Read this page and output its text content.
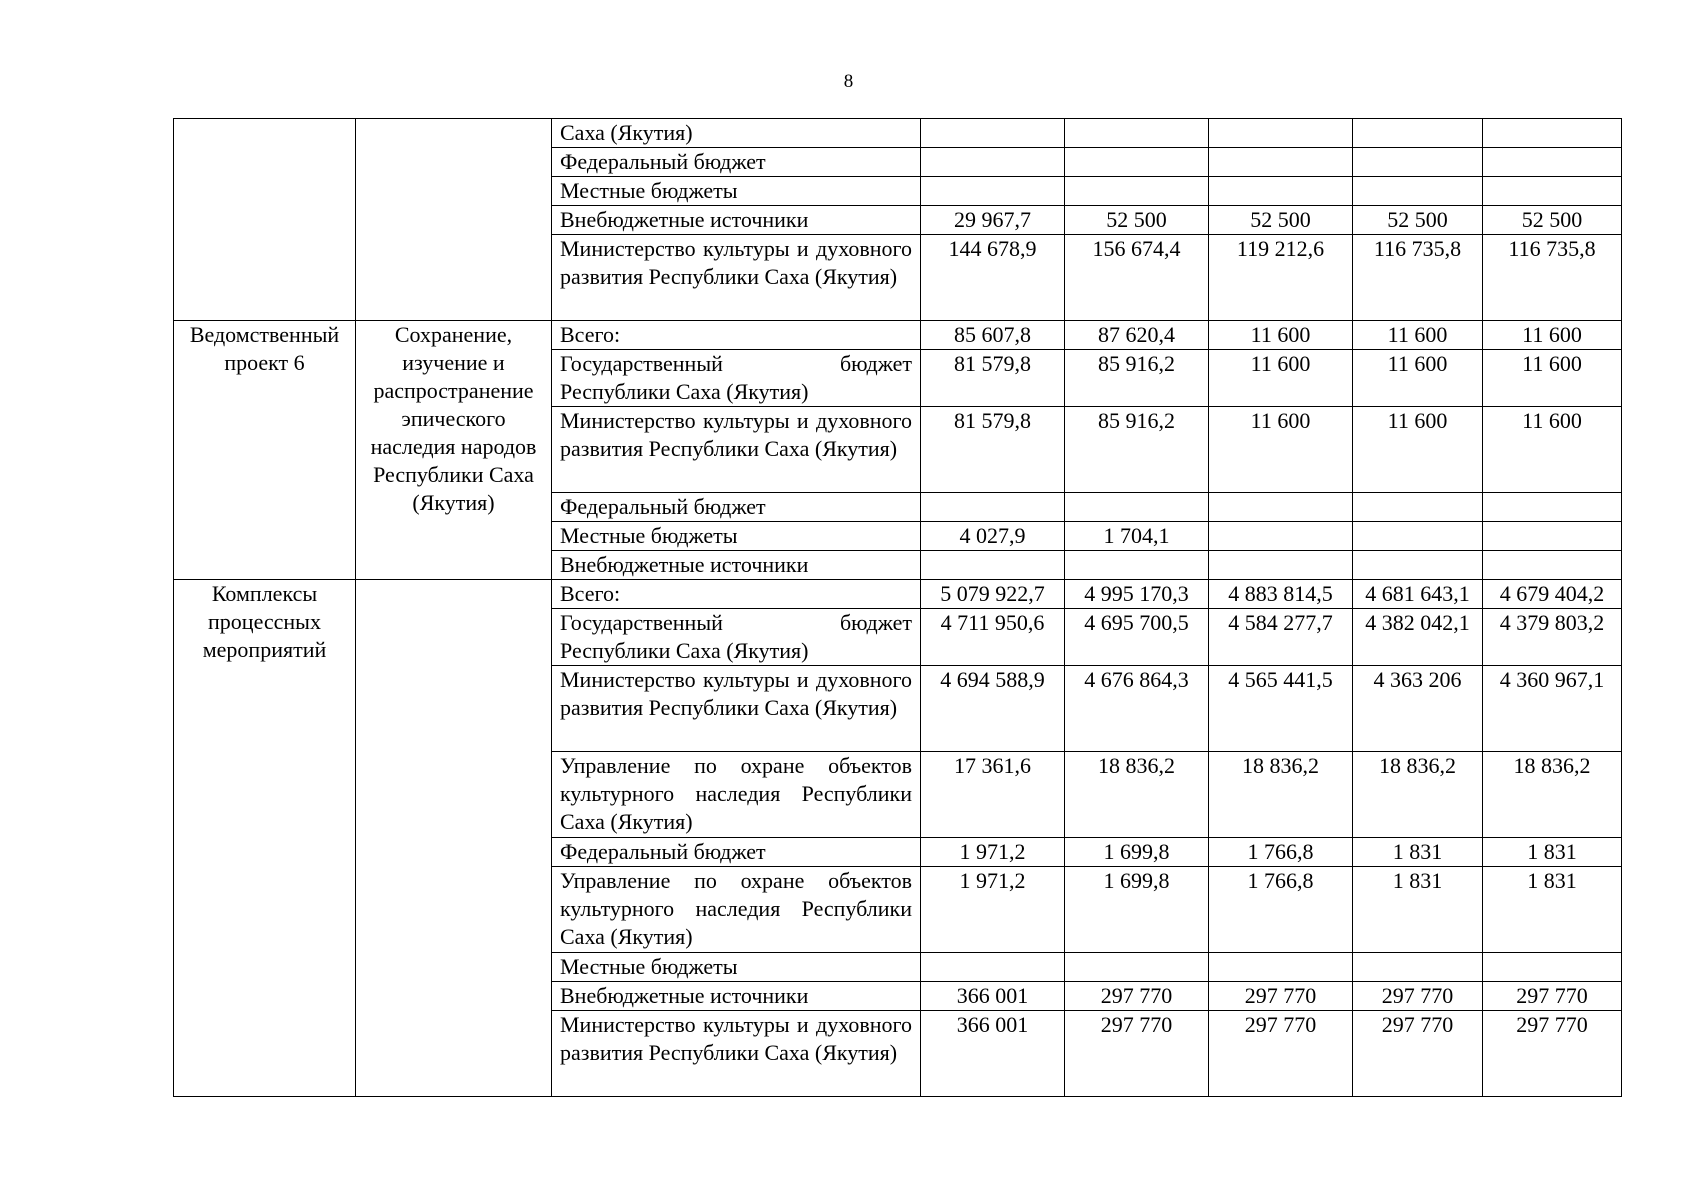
8
		Саха (Якутия)					
		Федеральный бюджет					
		Местные бюджеты					
		Внебюджетные источники	29 967,7	52 500	52 500	52 500	52 500
		Министерство культуры и духовного развития Республики Саха (Якутия)	144 678,9	156 674,4	119 212,6	116 735,8	116 735,8
Ведомственный проект 6	Сохранение, изучение и распространение эпического наследия народов Республики Саха (Якутия)	Всего:	85 607,8	87 620,4	11 600	11 600	11 600
		Государственный бюджет Республики Саха (Якутия)	81 579,8	85 916,2	11 600	11 600	11 600
		Министерство культуры и духовного развития Республики Саха (Якутия)	81 579,8	85 916,2	11 600	11 600	11 600
		Федеральный бюджет					
		Местные бюджеты	4 027,9	1 704,1			
		Внебюджетные источники					
Комплексы процессных мероприятий		Всего:	5 079 922,7	4 995 170,3	4 883 814,5	4 681 643,1	4 679 404,2
		Государственный бюджет Республики Саха (Якутия)	4 711 950,6	4 695 700,5	4 584 277,7	4 382 042,1	4 379 803,2
		Министерство культуры и духовного развития Республики Саха (Якутия)	4 694 588,9	4 676 864,3	4 565 441,5	4 363 206	4 360 967,1
		Управление по охране объектов культурного наследия Республики Саха (Якутия)	17 361,6	18 836,2	18 836,2	18 836,2	18 836,2
		Федеральный бюджет	1 971,2	1 699,8	1 766,8	1 831	1 831
		Управление по охране объектов культурного наследия Республики Саха (Якутия)	1 971,2	1 699,8	1 766,8	1 831	1 831
		Местные бюджеты					
		Внебюджетные источники	366 001	297 770	297 770	297 770	297 770
		Министерство культуры и духовного развития Республики Саха (Якутия)	366 001	297 770	297 770	297 770	297 770
